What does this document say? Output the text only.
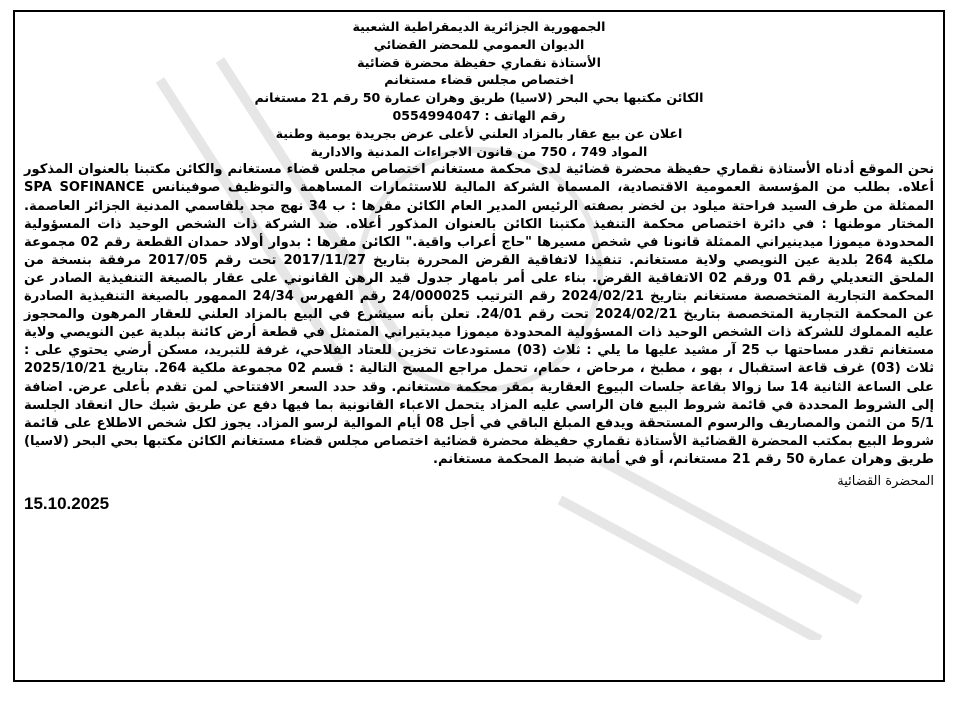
الجمهورية الجزائرية الديمقراطية الشعبية
الديوان العمومي للمحضر القضائي
الأستاذة نقماري حفيظة محضرة قضائية
اختصاص مجلس قضاء مستغانم
الكائن مكتبها بحي البحر (لاسيا) طريق وهران عمارة 50 رقم 21 مستغانم
رقم الهاتف : 0554994047
اعلان عن بيع عقار بالمزاد العلني لأعلى عرض بجريدة يومية وطنية
المواد 749 ، 750 من قانون الاجراءات المدنية والادارية
نحن الموقع أدناه الأستاذة نقماري حفيظة محضرة قضائية لدى محكمة مستغانم اختصاص مجلس قضاء مستغانم والكائن مكتبنا بالعنوان المذكور أعلاه. بطلب من المؤسسة العمومية الاقتصادية، المسماة الشركة المالية للاستثمارات المساهمة والتوظيف صوفينانس SPA SOFINANCE الممثلة من طرف السيد فراحتة ميلود بن لخضر بصفته الرئيس المدير العام الكائن مقرها : ب 34 نهج مجد بلقاسمي المدنية الجزائر العاصمة. المختار موطنها : في دائرة اختصاص محكمة التنفيذ مكتبنا الكائن بالعنوان المذكور أعلاه. ضد الشركة ذات الشخص الوحيد ذات المسؤولية المحدودة ميموزا ميدينيراني الممثلة قانونا في شخص مسيرها "حاج أعراب واقية." الكائن مقرها : بدوار أولاد حمدان القطعة رقم 02 مجموعة ملكية 264 بلدية عين النويصي ولاية مستغانم. تنفيذا لاتفاقية القرض المحررة بتاريخ 2017/11/27 تحت رقم 2017/05 مرفقة بنسخة من الملحق التعديلي رقم 01 ورقم 02 الاتفاقية القرض. بناء على أمر بامهار جدول قيد الرهن القانوني على عقار بالصيغة التنفيذية الصادر عن المحكمة التجارية المتخصصة مستغانم بتاريخ 2024/02/21 رقم الترتيب 24/000025 رقم الفهرس 24/34 الممهور بالصيغة التنفيذية الصادرة عن المحكمة التجارية المتخصصة بتاريخ 2024/02/21 تحت رقم 24/01. تعلن بأنه سيشرع في البيع بالمزاد العلني للعقار المرهون والمحجوز عليه المملوك للشركة ذات الشخص الوحيد ذات المسؤولية المحدودة ميموزا ميديتيراني المتمثل في قطعة أرض كائنة ببلدية عين النويصي ولاية مستغانم تقدر مساحتها ب 25 آر مشيد عليها ما يلي : ثلاث (03) مستودعات تخزين للعتاد الفلاحي، غرفة للتبريد، مسكن أرضي يحتوي على : ثلاث (03) غرف قاعة استقبال ، بهو ، مطبخ ، مرحاض ، حمام، تحمل مراجع المسح التالية : قسم 02 مجموعة ملكية 264. بتاريخ 2025/10/21 على الساعة الثانية 14 سا زوالا بقاعة جلسات البيوع العقارية بمقر محكمة مستغانم. وقد حدد السعر الافتتاحي لمن تقدم بأعلى عرض. اضافة إلى الشروط المحددة في قائمة شروط البيع فان الراسي عليه المزاد يتحمل الاعباء القانونية بما فيها دفع عن طريق شيك حال انعقاد الجلسة 5/1 من الثمن والمصاريف والرسوم المستحقة ويدفع المبلغ الباقي في أجل 08 أيام الموالية لرسو المزاد. يجوز لكل شخص الاطلاع على قائمة شروط البيع بمكتب المحضرة القضائية الأستاذة نقماري حفيظة محضرة قضائية اختصاص مجلس قضاء مستغانم الكائن مكتبها بحي البحر (لاسيا) طريق وهران عمارة 50 رقم 21 مستغانم، أو في أمانة ضبط المحكمة مستغانم.
المحضرة القضائية
15.10.2025
